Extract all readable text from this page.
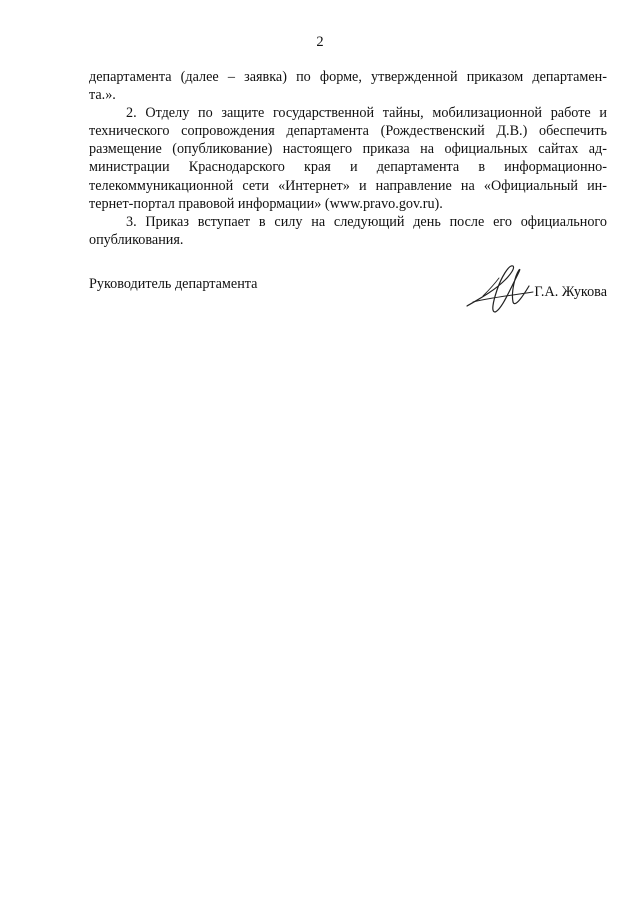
2

департамента (далее – заявка) по форме, утвержденной приказом департамен-
та.».

2. Отделу по защите государственной тайны, мобилизационной работе и
технического сопровождения департамента (Рождественский Д.В.) обеспечить
размещение (опубликование) настоящего приказа на официальных сайтах ад-
министрации Краснодарского края и департамента в информационно-
телекоммуникационной сети «Интернет» и направление на «Официальный ин-
тернет-портал правовой информации» (www.pravo.gov.ru).

3. Приказ вступает в силу на следующий день после его официального
опубликования.

Руководитель департамента	Г.А. Жукова
